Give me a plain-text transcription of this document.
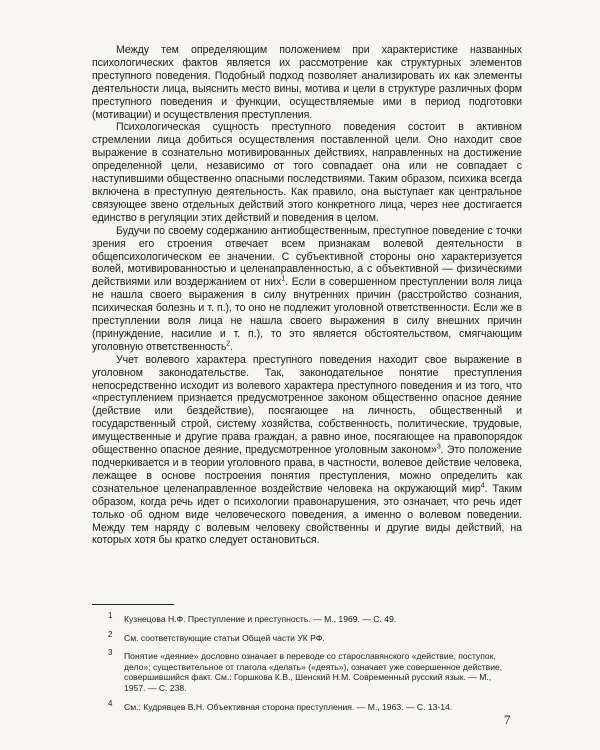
Между тем определяющим положением при характеристике названных психологических фактов является их рассмотрение как структурных элементов преступного поведения. Подобный подход позволяет анализировать их как элементы деятельности лица, выяснить место вины, мотива и цели в структуре различных форм преступного поведения и функции, осуществляемые ими в период подготовки (мотивации) и осуществления преступления.

Психологическая сущность преступного поведения состоит в активном стремлении лица добиться осуществления поставленной цели. Оно находит свое выражение в сознательно мотивированных действиях, направленных на достижение определенной цели, независимо от того совпадает она или не совпадает с наступившими общественно опасными последствиями. Таким образом, психика всегда включена в преступную деятельность. Как правило, она выступает как центральное связующее звено отдельных действий этого конкретного лица, через нее достигается единство в регуляции этих действий и поведения в целом.

Будучи по своему содержанию антиобщественным, преступное поведение с точки зрения его строения отвечает всем признакам волевой деятельности в общепсихологическом ее значении. С субъективной стороны оно характеризуется волей, мотивированностью и целенаправленностью, а с объективной — физическими действиями или воздержанием от них$^1$. Если в совершенном преступлении воля лица не нашла своего выражения в силу внутренних причин (расстройство сознания, психическая болезнь и т. п.), то оно не подлежит уголовной ответственности. Если же в преступлении воля лица не нашла своего выражения в силу внешних причин (принуждение, насилие и т. п.), то это является обстоятельством, смягчающим уголовную ответственность$^2$.

Учет волевого характера преступного поведения находит свое выражение в уголовном законодательстве. Так, законодательное понятие преступления непосредственно исходит из волевого характера преступного поведения и из того, что «преступлением признается предусмотренное законом общественно опасное деяние (действие или бездействие), посягающее на личность, общественный и государственный строй, систему хозяйства, собственность, политические, трудовые, имущественные и другие права граждан, а равно иное, посягающее на правопорядок общественно опасное деяние, предусмотренное уголовным законом»$^3$. Это положение подчеркивается и в теории уголовного права, в частности, волевое действие человека, лежащее в основе построения понятия преступления, можно определить как сознательное целенаправленное воздействие человека на окружающий мир$^4$. Таким образом, когда речь идет о психологии правонарушения, это означает, что речь идет только об одном виде человеческого поведения, а именно о волевом поведении. Между тем наряду с волевым человеку свойственны и другие виды действий, на которых хотя бы кратко следует остановиться.

1 Кузнецова Н.Ф. Преступление и преступность. — М., 1969. — С. 49.

2 См. соответствующие статьи Общей части УК РФ.

3 Понятие «деяние» дословно означает в переводе со старославянского «действие, поступок, дело»; существительное от глагола «делать» («деять»), означает уже совершенное действие, совершившийся факт. См.: Горшкова К.В., Шенский Н.М. Современный русский язык. — М., 1957. — С. 238.

4 См.: Кудрявцев В.Н. Объективная сторона преступления. — М., 1963. — С. 13-14.

7
